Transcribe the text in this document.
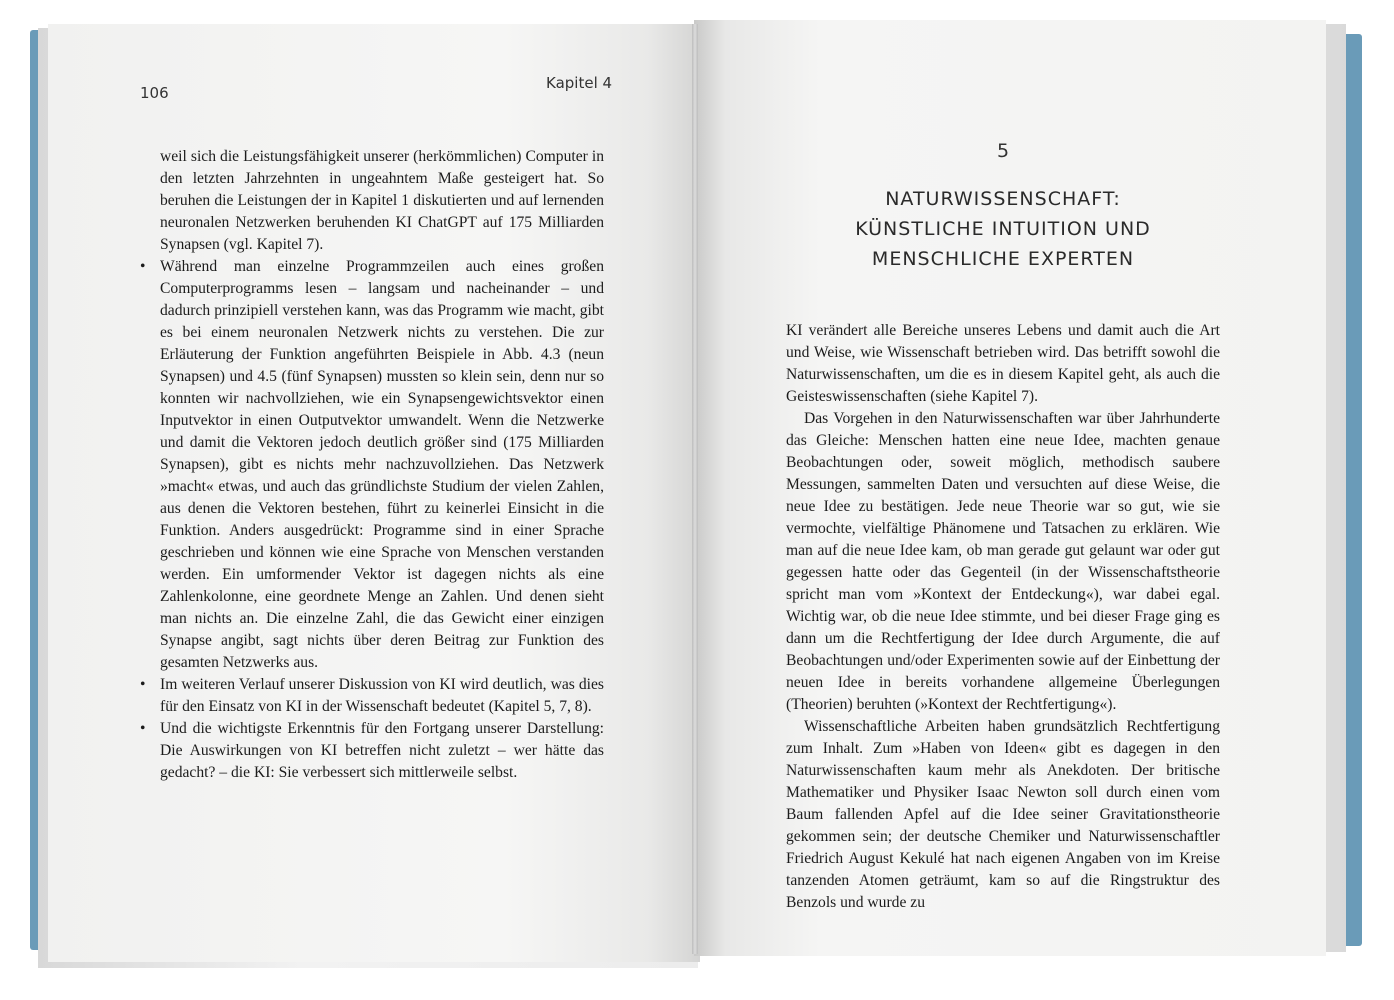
106
Kapitel 4

weil sich die Leistungsfähigkeit unserer (herkömmlichen) Computer in den letzten Jahrzehnten in ungeahntem Maße gesteigert hat. So beruhen die Leistungen der in Kapitel 1 diskutierten und auf lernenden neuronalen Netzwerken beruhenden KI ChatGPT auf 175 Milliarden Synapsen (vgl. Kapitel 7).

• Während man einzelne Programmzeilen auch eines großen Computerprogramms lesen – langsam und nacheinander – und dadurch prinzipiell verstehen kann, was das Programm wie macht, gibt es bei einem neuronalen Netzwerk nichts zu verstehen. Die zur Erläuterung der Funktion angeführten Beispiele in Abb. 4.3 (neun Synapsen) und 4.5 (fünf Synapsen) mussten so klein sein, denn nur so konnten wir nachvollziehen, wie ein Synapsengewichtsvektor einen Inputvektor in einen Outputvektor umwandelt. Wenn die Netzwerke und damit die Vektoren jedoch deutlich größer sind (175 Milliarden Synapsen), gibt es nichts mehr nachzuvollziehen. Das Netzwerk »macht« etwas, und auch das gründlichste Studium der vielen Zahlen, aus denen die Vektoren bestehen, führt zu keinerlei Einsicht in die Funktion. Anders ausgedrückt: Programme sind in einer Sprache geschrieben und können wie eine Sprache von Menschen verstanden werden. Ein umformender Vektor ist dagegen nichts als eine Zahlenkolonne, eine geordnete Menge an Zahlen. Und denen sieht man nichts an. Die einzelne Zahl, die das Gewicht einer einzigen Synapse angibt, sagt nichts über deren Beitrag zur Funktion des gesamten Netzwerks aus.
• Im weiteren Verlauf unserer Diskussion von KI wird deutlich, was dies für den Einsatz von KI in der Wissenschaft bedeutet (Kapitel 5, 7, 8).
• Und die wichtigste Erkenntnis für den Fortgang unserer Darstellung: Die Auswirkungen von KI betreffen nicht zuletzt – wer hätte das gedacht? – die KI: Sie verbessert sich mittlerweile selbst.
5
NATURWISSENSCHAFT:
KÜNSTLICHE INTUITION UND
MENSCHLICHE EXPERTEN

KI verändert alle Bereiche unseres Lebens und damit auch die Art und Weise, wie Wissenschaft betrieben wird. Das betrifft sowohl die Naturwissenschaften, um die es in diesem Kapitel geht, als auch die Geisteswissenschaften (siehe Kapitel 7).

Das Vorgehen in den Naturwissenschaften war über Jahrhunderte das Gleiche: Menschen hatten eine neue Idee, machten genaue Beobachtungen oder, soweit möglich, methodisch saubere Messungen, sammelten Daten und versuchten auf diese Weise, die neue Idee zu bestätigen. Jede neue Theorie war so gut, wie sie vermochte, vielfältige Phänomene und Tatsachen zu erklären. Wie man auf die neue Idee kam, ob man gerade gut gelaunt war oder gut gegessen hatte oder das Gegenteil (in der Wissenschaftstheorie spricht man vom »Kontext der Entdeckung«), war dabei egal. Wichtig war, ob die neue Idee stimmte, und bei dieser Frage ging es dann um die Rechtfertigung der Idee durch Argumente, die auf Beobachtungen und/oder Experimenten sowie auf der Einbettung der neuen Idee in bereits vorhandene allgemeine Überlegungen (Theorien) beruhten (»Kontext der Rechtfertigung«).

Wissenschaftliche Arbeiten haben grundsätzlich Rechtfertigung zum Inhalt. Zum »Haben von Ideen« gibt es dagegen in den Naturwissenschaften kaum mehr als Anekdoten. Der britische Mathematiker und Physiker Isaac Newton soll durch einen vom Baum fallenden Apfel auf die Idee seiner Gravitationstheorie gekommen sein; der deutsche Chemiker und Naturwissenschaftler Friedrich August Kekulé hat nach eigenen Angaben von im Kreise tanzenden Atomen geträumt, kam so auf die Ringstruktur des Benzols und wurde zu
